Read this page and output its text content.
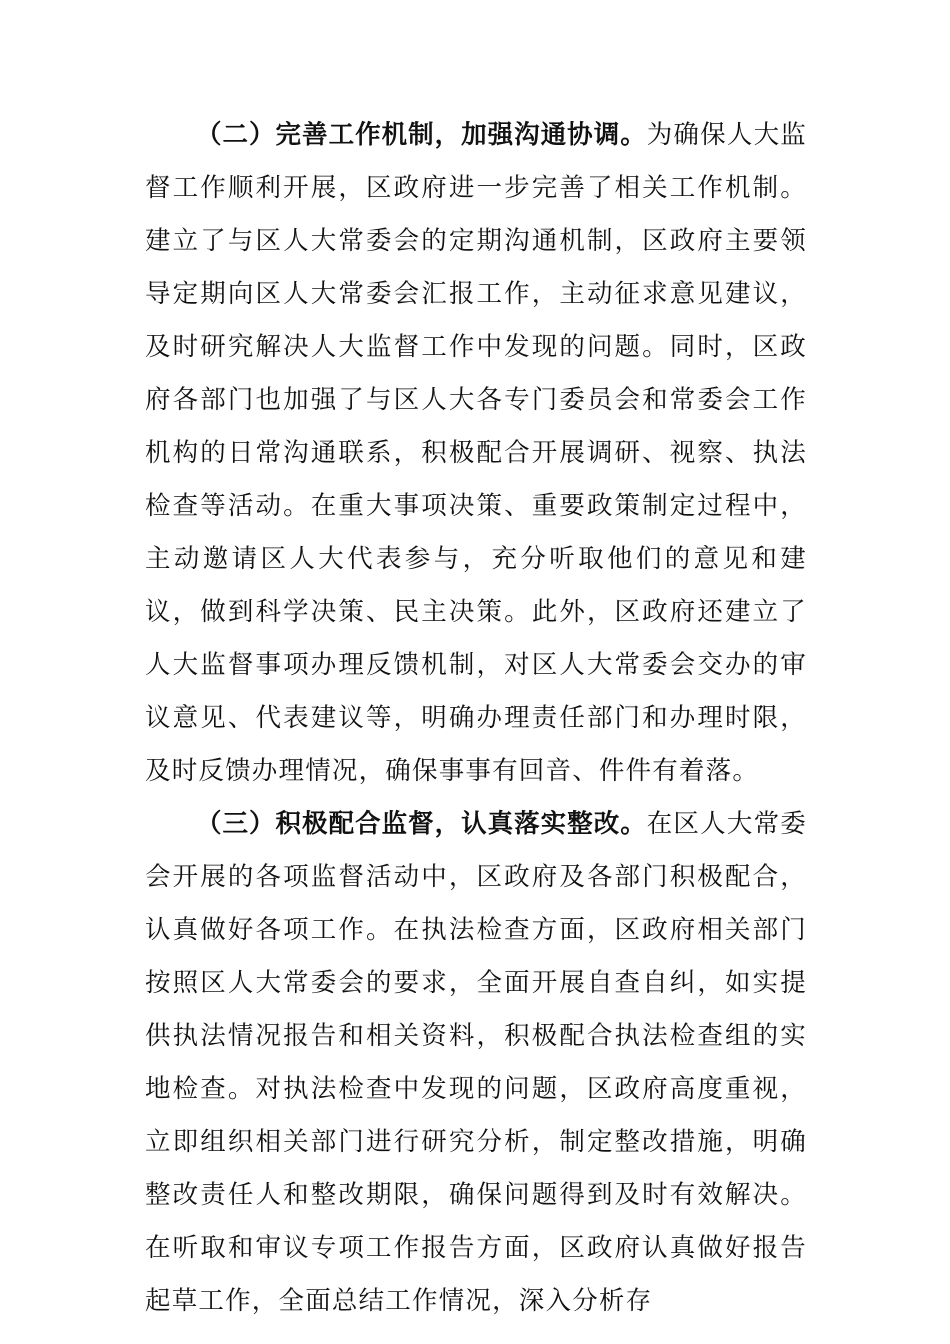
（二）完善工作机制，加强沟通协调。为确保人大监督工作顺利开展，区政府进一步完善了相关工作机制。建立了与区人大常委会的定期沟通机制，区政府主要领导定期向区人大常委会汇报工作，主动征求意见建议，及时研究解决人大监督工作中发现的问题。同时，区政府各部门也加强了与区人大各专门委员会和常委会工作机构的日常沟通联系，积极配合开展调研、视察、执法检查等活动。在重大事项决策、重要政策制定过程中，主动邀请区人大代表参与，充分听取他们的意见和建议，做到科学决策、民主决策。此外，区政府还建立了人大监督事项办理反馈机制，对区人大常委会交办的审议意见、代表建议等，明确办理责任部门和办理时限，及时反馈办理情况，确保事事有回音、件件有着落。

（三）积极配合监督，认真落实整改。在区人大常委会开展的各项监督活动中，区政府及各部门积极配合，认真做好各项工作。在执法检查方面，区政府相关部门按照区人大常委会的要求，全面开展自查自纠，如实提供执法情况报告和相关资料，积极配合执法检查组的实地检查。对执法检查中发现的问题，区政府高度重视，立即组织相关部门进行研究分析，制定整改措施，明确整改责任人和整改期限，确保问题得到及时有效解决。在听取和审议专项工作报告方面，区政府认真做好报告起草工作，全面总结工作情况，深入分析存
